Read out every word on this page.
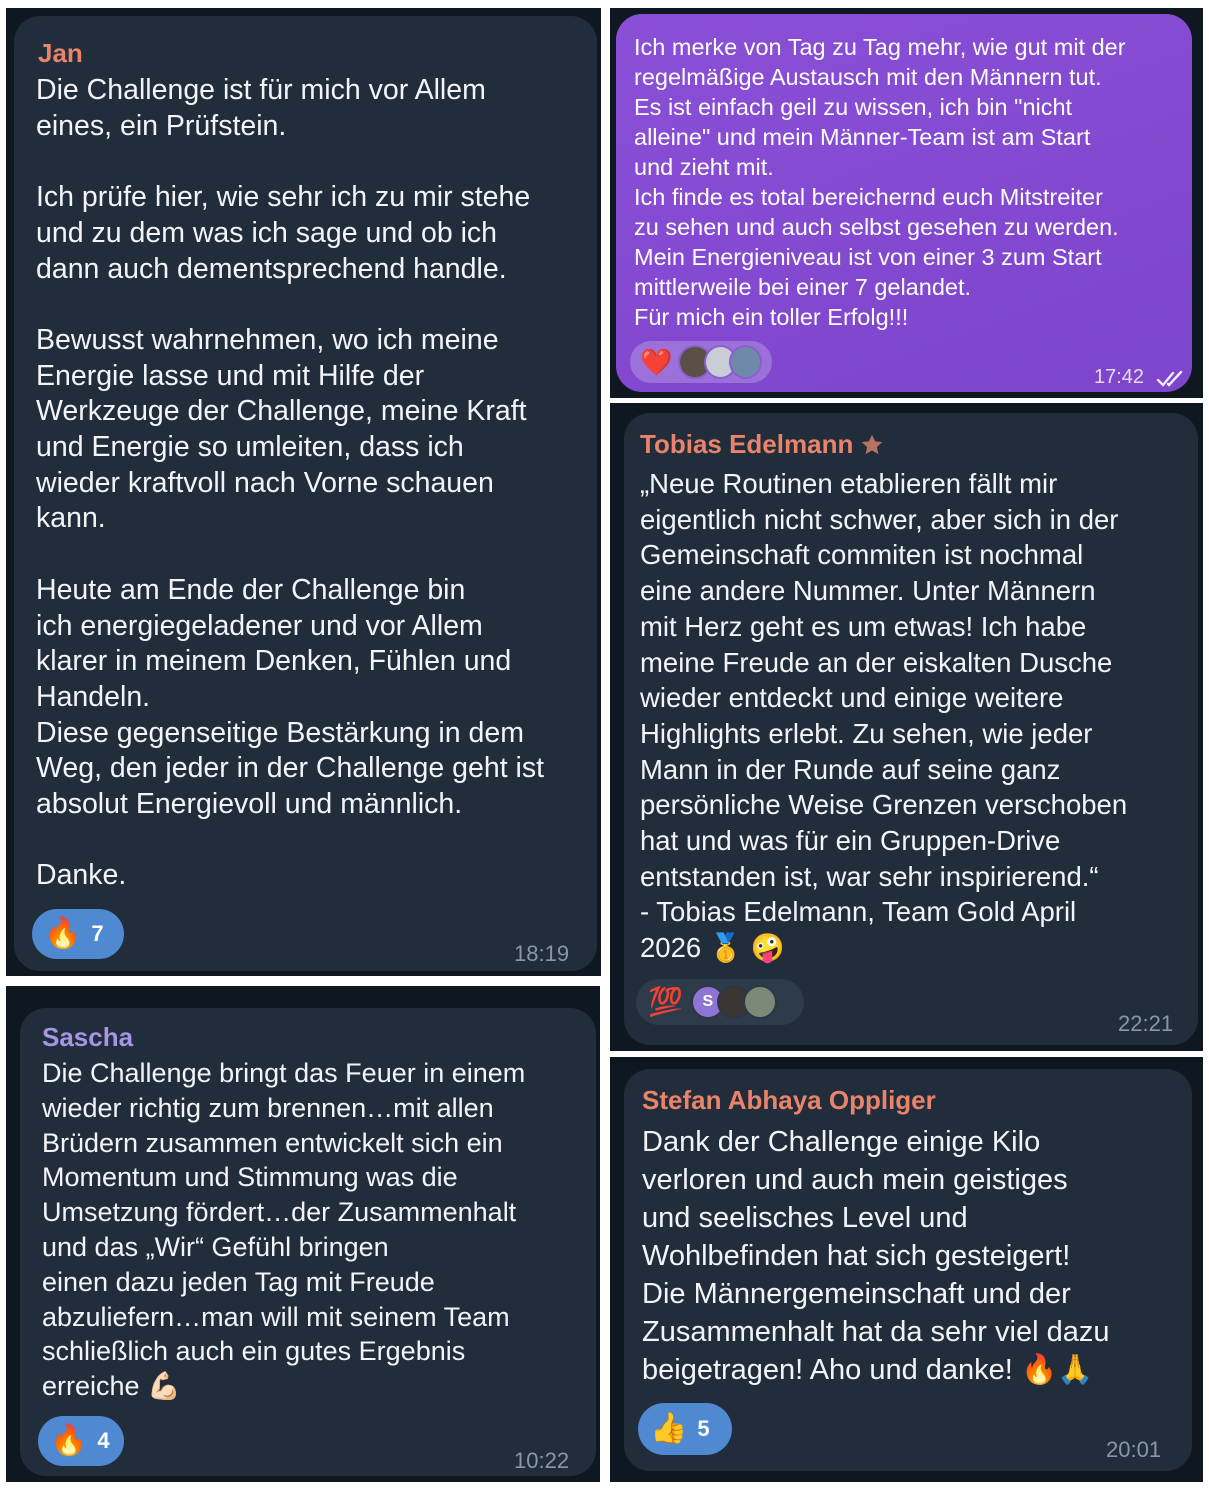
Jan
Die Challenge ist für mich vor Allem
eines, ein Prüfstein.

Ich prüfe hier, wie sehr ich zu mir stehe
und zu dem was ich sage und ob ich
dann auch dementsprechend handle.

Bewusst wahrnehmen, wo ich meine
Energie lasse und mit Hilfe der
Werkzeuge der Challenge, meine Kraft
und Energie so umleiten, dass ich
wieder kraftvoll nach Vorne schauen
kann.

Heute am Ende der Challenge bin
ich energiegeladener und vor Allem
klarer in meinem Denken, Fühlen und
Handeln.
Diese gegenseitige Bestärkung in dem
Weg, den jeder in der Challenge geht ist
absolut Energievoll und männlich.

Danke.
🔥 7
18:19
Ich merke von Tag zu Tag mehr, wie gut mit der
regelmäßige Austausch mit den Männern tut.
Es ist einfach geil zu wissen, ich bin "nicht
alleine" und mein Männer-Team ist am Start
und zieht mit.
Ich finde es total bereichernd euch Mitstreiter
zu sehen und auch selbst gesehen zu werden.
Mein Energieniveau ist von einer 3 zum Start
mittlerweile bei einer 7 gelandet.
Für mich ein toller Erfolg!!!
❤️	17:42
Tobias Edelmann
„Neue Routinen etablieren fällt mir
eigentlich nicht schwer, aber sich in der
Gemeinschaft commiten ist nochmal
eine andere Nummer. Unter Männern
mit Herz geht es um etwas! Ich habe
meine Freude an der eiskalten Dusche
wieder entdeckt und einige weitere
Highlights erlebt. Zu sehen, wie jeder
Mann in der Runde auf seine ganz
persönliche Weise Grenzen verschoben
hat und was für ein Gruppen-Drive
entstanden ist, war sehr inspirierend.“
- Tobias Edelmann, Team Gold April
2026 🥇 🤪
💯	S
22:21
Sascha
Die Challenge bringt das Feuer in einem
wieder richtig zum brennen…mit allen
Brüdern zusammen entwickelt sich ein
Momentum und Stimmung was die
Umsetzung fördert…der Zusammenhalt
und das „Wir“ Gefühl bringen
einen dazu jeden Tag mit Freude
abzuliefern…man will mit seinem Team
schließlich auch ein gutes Ergebnis
erreiche 💪🏻
🔥 4
10:22
Stefan Abhaya Oppliger
Dank der Challenge einige Kilo
verloren und auch mein geistiges
und seelisches Level und
Wohlbefinden hat sich gesteigert!
Die Männergemeinschaft und der
Zusammenhalt hat da sehr viel dazu
beigetragen! Aho und danke! 🔥🙏
👍 5
20:01
